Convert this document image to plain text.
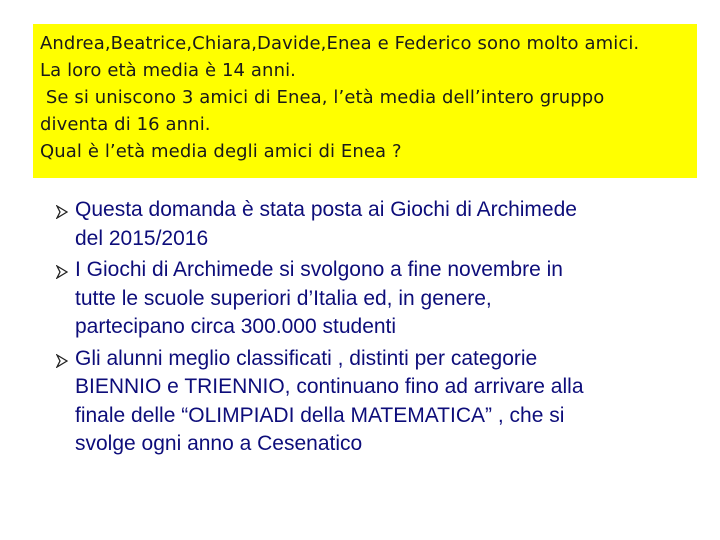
Andrea,Beatrice,Chiara,Davide,Enea e Federico sono molto amici.
La loro età media è 14 anni.
Se si uniscono 3 amici di Enea, l’età media dell’intero gruppo
diventa di 16 anni.
Qual è l’età media degli amici di Enea ?
Questa domanda è stata posta ai Giochi di Archimede
del 2015/2016
I Giochi di Archimede si svolgono a fine novembre in
tutte le scuole superiori d’Italia ed, in genere,
partecipano circa 300.000 studenti
Gli alunni meglio classificati , distinti per categorie
BIENNIO e TRIENNIO, continuano fino ad arrivare alla
finale delle “OLIMPIADI della MATEMATICA” , che si
svolge ogni anno a Cesenatico
